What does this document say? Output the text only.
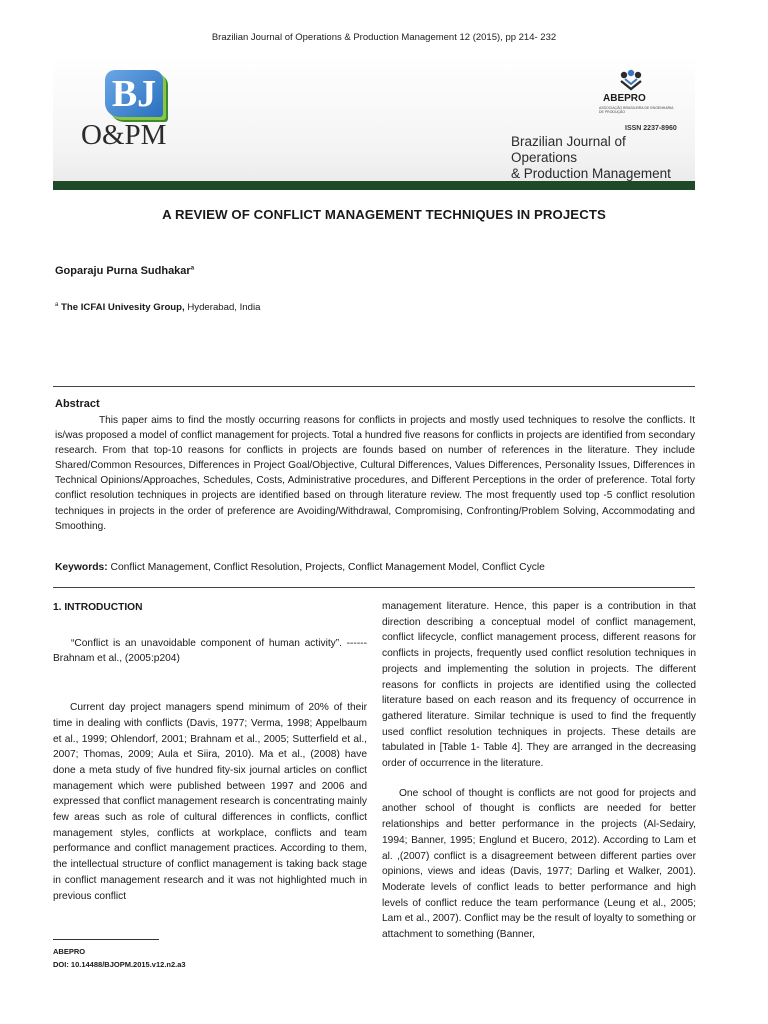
Brazilian Journal of Operations & Production Management 12 (2015), pp 214- 232
BJ
O&PM
ABEPRO
ASSOCIAÇÃO BRASILEIRA DE ENGENHARIA DE PRODUÇÃO
ISSN 2237-8960
Brazilian Journal of Operations
& Production Management
A REVIEW OF CONFLICT MANAGEMENT TECHNIQUES IN PROJECTS
Goparaju Purna Sudhakar$^a$
$^a$ The ICFAI Univesity Group, Hyderabad, India
Abstract

This paper aims to find the mostly occurring reasons for conflicts in projects and mostly used techniques to resolve the conflicts. It is/was proposed a model of conflict management for projects. Total a hundred five reasons for conflicts in projects are identified from secondary research. From that top-10 reasons for conflicts in projects are founds based on number of references in the literature. They include Shared/Common Resources, Differences in Project Goal/Objective, Cultural Differences, Values Differences, Personality Issues, Differences in Technical Opinions/Approaches, Schedules, Costs, Administrative procedures, and Different Perceptions in the order of preference. Total forty conflict resolution techniques in projects are identified based on through literature review. The most frequently used top -5 conflict resolution techniques in projects in the order of preference are Avoiding/Withdrawal, Compromising, Confronting/Problem Solving, Accommodating and Smoothing.

Keywords: Conflict Management, Conflict Resolution, Projects, Conflict Management Model, Conflict Cycle

1. INTRODUCTION

“Conflict is an unavoidable component of human activity”. ------ Brahnam et al., (2005:p204)

Current day project managers spend minimum of 20% of their time in dealing with conflicts (Davis, 1977; Verma, 1998; Appelbaum et al., 1999; Ohlendorf, 2001; Brahnam et al., 2005; Sutterfield et al., 2007; Thomas, 2009; Aula et Siira, 2010). Ma et al., (2008) have done a meta study of five hundred fity-six journal articles on conflict management which were published between 1997 and 2006 and expressed that conflict management research is concentrating mainly few areas such as role of cultural differences in conflicts, conflict management styles, conflicts at workplace, conflicts and team performance and conflict management practices. According to them, the intellectual structure of conflict management is taking back stage in conflict management research and it was not highlighted much in previous conflict

management literature. Hence, this paper is a contribution in that direction describing a conceptual model of conflict management, conflict lifecycle, conflict management process, different reasons for conflicts in projects, frequently used conflict resolution techniques in projects and implementing the solution in projects. The different reasons for conflicts in projects are identified using the collected literature based on each reason and its frequency of occurrence in gathered literature. Similar technique is used to find the frequently used conflict resolution techniques in projects. These details are tabulated in [Table 1- Table 4]. They are arranged in the decreasing order of occurrence in the literature.

One school of thought is conflicts are not good for projects and another school of thought is conflicts are needed for better relationships and better performance in the projects (Al-Sedairy, 1994; Banner, 1995; Englund et Bucero, 2012). According to Lam et al. ,(2007) conflict is a disagreement between different parties over opinions, views and ideas (Davis, 1977; Darling et Walker, 2001). Moderate levels of conflict leads to better performance and high levels of conflict reduce the team performance (Leung et al., 2005; Lam et al., 2007). Conflict may be the result of loyalty to something or attachment to something (Banner,

ABEPRO
DOI: 10.14488/BJOPM.2015.v12.n2.a3
